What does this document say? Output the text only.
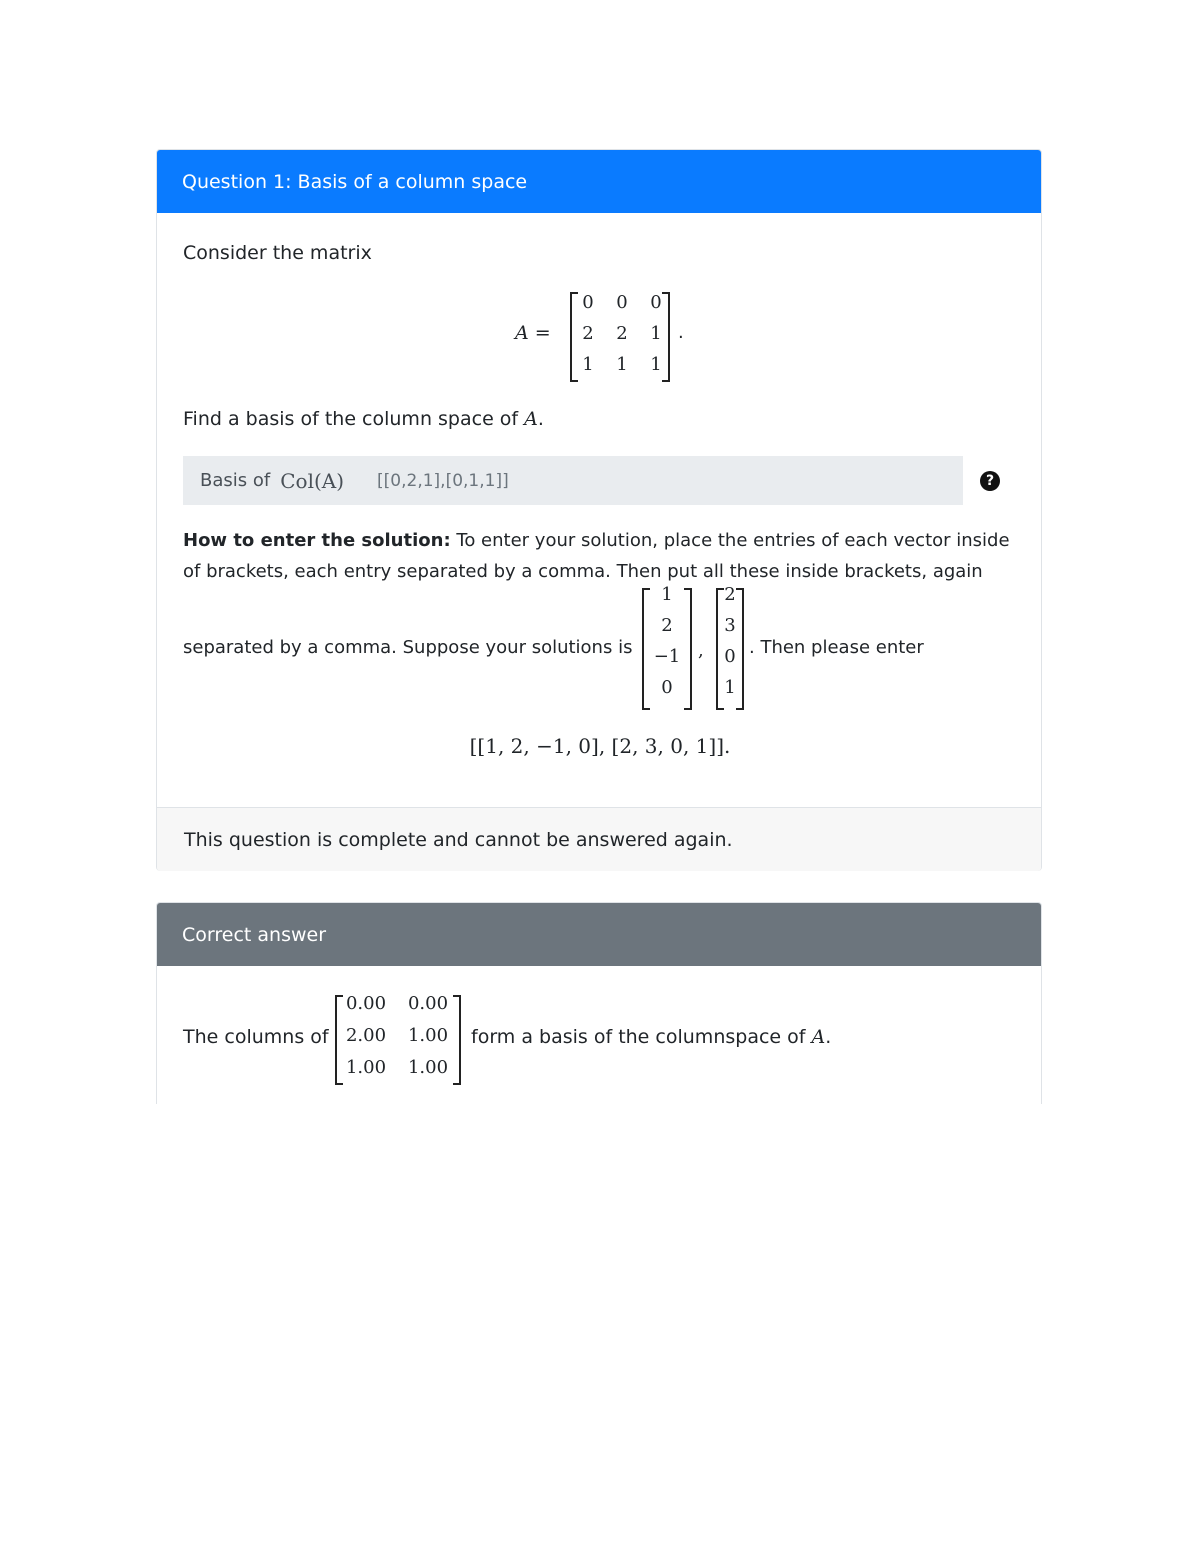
Question 1: Basis of a column space
Consider the matrix
A =
0	0	0
2	2	1
1	1	1
.
Find a basis of the column space of A.
Basis of Col(A) [[0,2,1],[0,1,1]]	?
How to enter the solution: To enter your solution, place the entries of each vector inside
of brackets, each entry separated by a comma. Then put all these inside brackets, again
separated by a comma. Suppose your solutions is
1
2
−1
0
,
2
3
0
1
. Then please enter
[[1, 2, −1, 0], [2, 3, 0, 1]].
This question is complete and cannot be answered again.
Correct answer
The columns of
0.00	0.00
2.00	1.00
1.00	1.00
form a basis of the columnspace of A.
